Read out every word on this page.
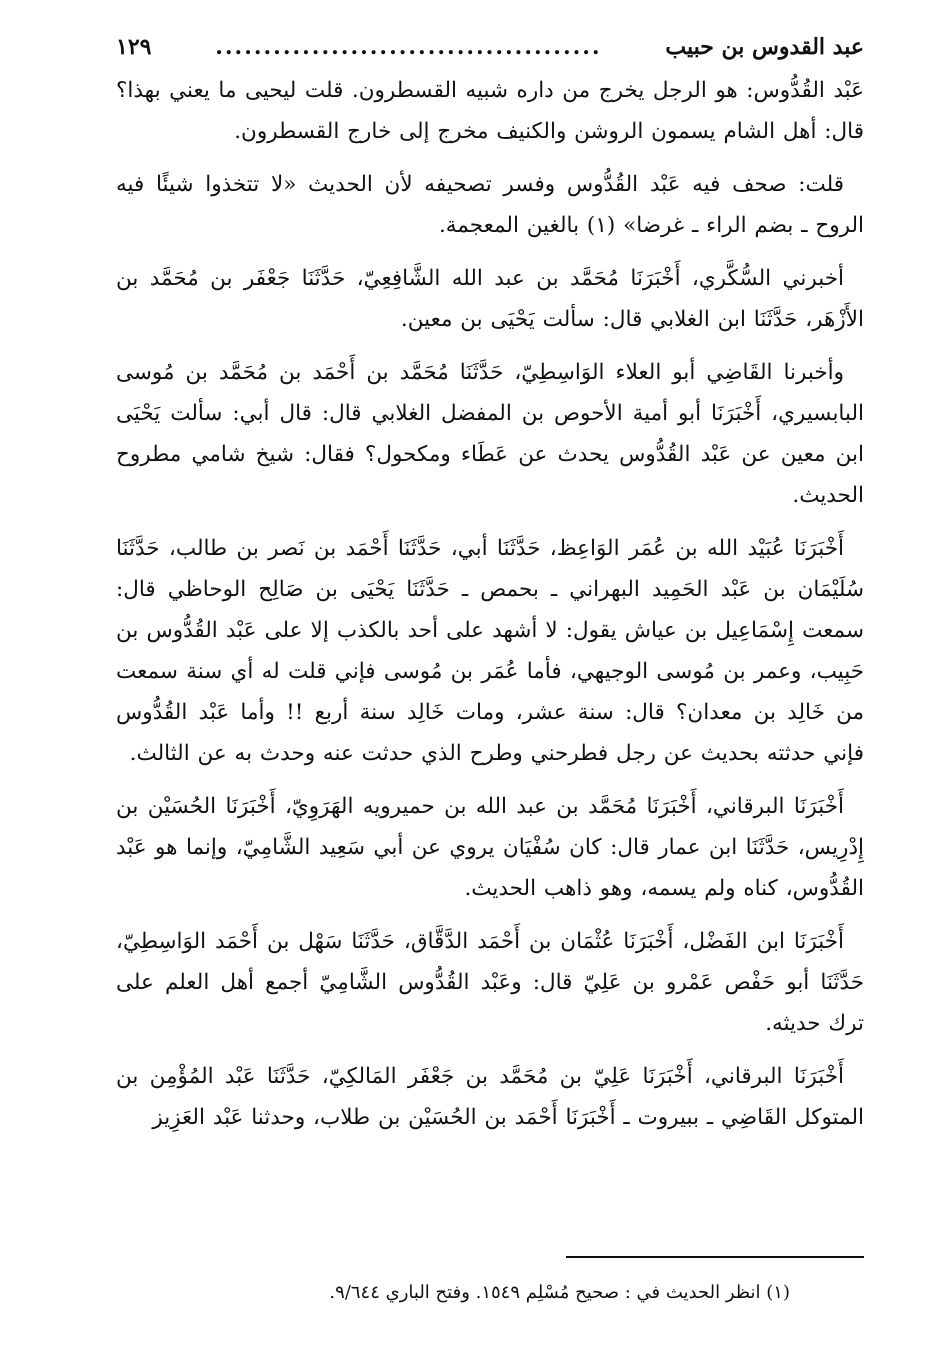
عبد القدوس بن حبيب
........................................
١٢٩

عَبْد القُدُّوس: هو الرجل يخرج من داره شبيه القسطرون. قلت ليحيى ما يعني بهذا؟ قال: أهل الشام يسمون الروشن والكنيف مخرج إلى خارج القسطرون.

قلت: صحف فيه عَبْد القُدُّوس وفسر تصحيفه لأن الحديث «لا تتخذوا شيئًا فيه الروح ـ بضم الراء ـ غرضا» (١) بالغين المعجمة.

أخبرني السُّكَّري، أَخْبَرَنَا مُحَمَّد بن عبد الله الشَّافِعِيّ، حَدَّثَنَا جَعْفَر بن مُحَمَّد بن الأَزْهَر، حَدَّثَنَا ابن الغلابي قال: سألت يَحْيَى بن معين.

وأخبرنا القَاضِي أبو العلاء الوَاسِطِيّ، حَدَّثَنَا مُحَمَّد بن أَحْمَد بن مُحَمَّد بن مُوسى البابسيري، أَخْبَرَنَا أبو أمية الأحوص بن المفضل الغلابي قال: قال أبي: سألت يَحْيَى ابن معين عن عَبْد القُدُّوس يحدث عن عَطَاء ومكحول؟ فقال: شيخ شامي مطروح الحديث.

أَخْبَرَنَا عُبَيْد الله بن عُمَر الوَاعِظ، حَدَّثَنَا أبي، حَدَّثَنَا أَحْمَد بن نَصر بن طالب، حَدَّثَنَا سُلَيْمَان بن عَبْد الحَمِيد البهراني ـ بحمص ـ حَدَّثَنَا يَحْيَى بن صَالِح الوحاظي قال: سمعت إِسْمَاعِيل بن عياش يقول: لا أشهد على أحد بالكذب إلا على عَبْد القُدُّوس بن حَبِيب، وعمر بن مُوسى الوجيهي، فأما عُمَر بن مُوسى فإني قلت له أي سنة سمعت من خَالِد بن معدان؟ قال: سنة عشر، ومات خَالِد سنة أربع !! وأما عَبْد القُدُّوس فإني حدثته بحديث عن رجل فطرحني وطرح الذي حدثت عنه وحدث به عن الثالث.

أَخْبَرَنَا البرقاني، أَخْبَرَنَا مُحَمَّد بن عبد الله بن حميرويه الهَرَوِيّ، أَخْبَرَنَا الحُسَيْن بن إِدْرِيس، حَدَّثَنَا ابن عمار قال: كان سُفْيَان يروي عن أبي سَعِيد الشَّامِيّ، وإنما هو عَبْد القُدُّوس، كناه ولم يسمه، وهو ذاهب الحديث.

أَخْبَرَنَا ابن الفَضْل، أَخْبَرَنَا عُثْمَان بن أَحْمَد الدَّقَّاق، حَدَّثَنَا سَهْل بن أَحْمَد الوَاسِطِيّ، حَدَّثَنَا أبو حَفْص عَمْرو بن عَلِيّ قال: وعَبْد القُدُّوس الشَّامِيّ أجمع أهل العلم على ترك حديثه.

أَخْبَرَنَا البرقاني، أَخْبَرَنَا عَلِيّ بن مُحَمَّد بن جَعْفَر المَالكِيّ، حَدَّثَنَا عَبْد المُؤْمِن بن المتوكل القَاضِي ـ ببيروت ـ أَخْبَرَنَا أَحْمَد بن الحُسَيْن بن طلاب، وحدثنا عَبْد العَزِيز

(١) انظر الحديث في : صحيح مُسْلِم ١٥٤٩. وفتح الباري ٩/٦٤٤.
